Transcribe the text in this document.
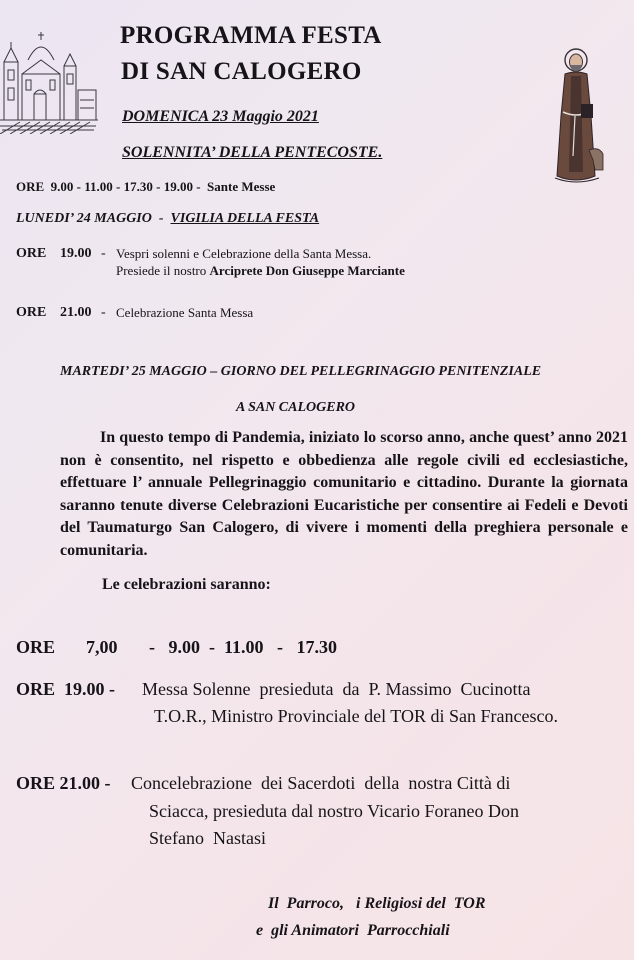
PROGRAMMA FESTA
DI SAN CALOGERO
DOMENICA 23 Maggio 2021
SOLENNITA’ DELLA PENTECOSTE.
ORE 9.00 - 11.00 - 17.30 - 19.00 - Sante Messe
LUNEDI’ 24 MAGGIO - VIGILIA DELLA FESTA
ORE 19.00 - Vespri solenni e Celebrazione della Santa Messa.
Presiede il nostro Arciprete Don Giuseppe Marciante
ORE 21.00 - Celebrazione Santa Messa
MARTEDI’ 25 MAGGIO – GIORNO DEL PELLEGRINAGGIO PENITENZIALE
A SAN CALOGERO

In questo tempo di Pandemia, iniziato lo scorso anno, anche quest’ anno 2021 non è consentito, nel rispetto e obbedienza alle regole civili ed ecclesiastiche, effettuare l’ annuale Pellegrinaggio comunitario e cittadino. Durante la giornata saranno tenute diverse Celebrazioni Eucaristiche per consentire ai Fedeli e Devoti del Taumaturgo San Calogero, di vivere i momenti della preghiera personale e comunitaria.

Le celebrazioni saranno:
ORE 7,00 -   9.00  -  11.00   -   17.30
ORE  19.00 - Messa Solenne  presieduta  da  P. Massimo  Cucinotta
T.O.R., Ministro Provinciale del TOR di San Francesco.
ORE 21.00 - Concelebrazione  dei Sacerdoti  della  nostra Città di
Sciacca, presieduta dal nostro Vicario Foraneo Don
Stefano  Nastasi
Il  Parroco,   i Religiosi del  TOR
e  gli Animatori  Parrocchiali
